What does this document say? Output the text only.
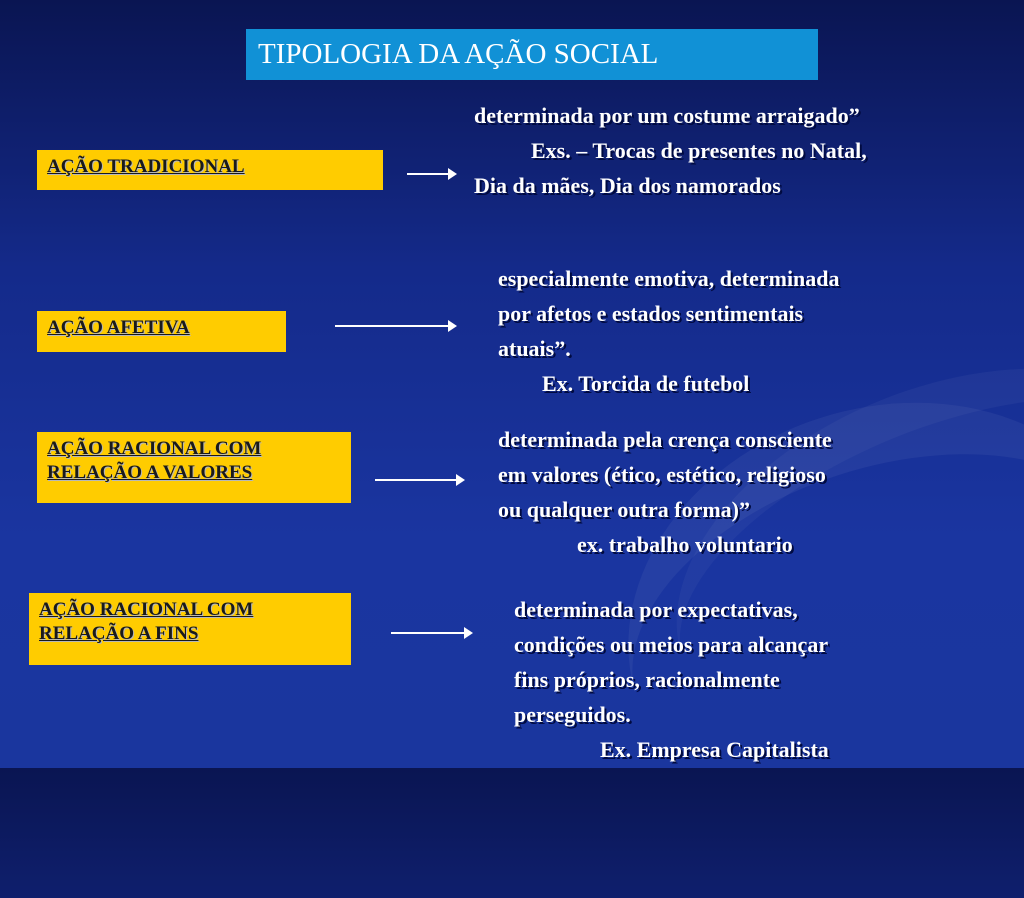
TIPOLOGIA DA AÇÃO SOCIAL
AÇÃO TRADICIONAL
determinada por um costume arraigado”
Exs. – Trocas de presentes no Natal,
Dia da mães, Dia dos namorados
AÇÃO AFETIVA
especialmente emotiva, determinada
por afetos e estados sentimentais
atuais”.
Ex. Torcida de futebol
AÇÃO RACIONAL COM
RELAÇÃO A VALORES
determinada pela crença consciente
em valores (ético, estético, religioso
ou qualquer outra forma)”
ex. trabalho voluntario
AÇÃO RACIONAL COM
RELAÇÃO A FINS
determinada por expectativas,
condições ou meios para alcançar
fins próprios, racionalmente
perseguidos.
Ex. Empresa Capitalista
